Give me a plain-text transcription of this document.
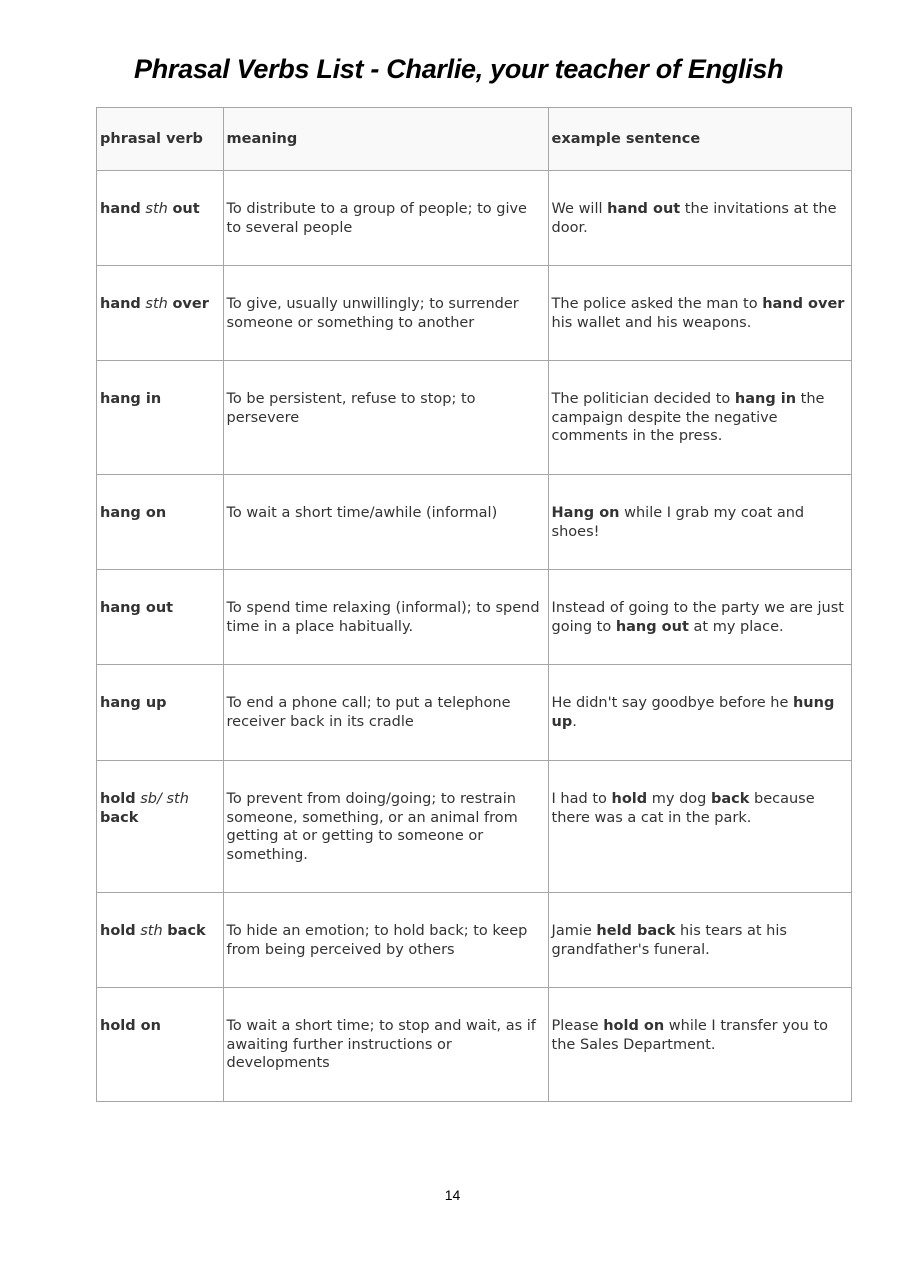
Phrasal Verbs List - Charlie, your teacher of English
phrasal verb	meaning	example sentence

hand sth out	To distribute to a group of people; to give to several people	We will hand out the invitations at the door.

hand sth over	To give, usually unwillingly; to surrender someone or something to another	The police asked the man to hand over his wallet and his weapons.

hang in	To be persistent, refuse to stop; to persevere	The politician decided to hang in the campaign despite the negative comments in the press.

hang on	To wait a short time/awhile (informal)	Hang on while I grab my coat and shoes!

hang out	To spend time relaxing (informal); to spend time in a place habitually.	Instead of going to the party we are just going to hang out at my place.

hang up	To end a phone call; to put a telephone receiver back in its cradle	He didn't say goodbye before he hung up.

hold sb/ sth back	To prevent from doing/going; to restrain someone, something, or an animal from getting at or getting to someone or something.	I had to hold my dog back because there was a cat in the park.

hold sth back	To hide an emotion; to hold back; to keep from being perceived by others	Jamie held back his tears at his grandfather's funeral.

hold on	To wait a short time; to stop and wait, as if awaiting further instructions or developments	Please hold on while I transfer you to the Sales Department.
14
